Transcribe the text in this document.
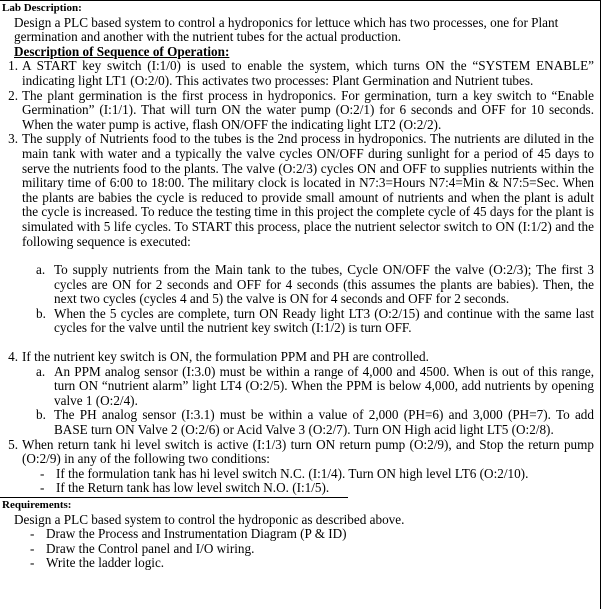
Lab Description:
Design a PLC based system to control a hydroponics for lettuce which has two processes, one for Plant germination and another with the nutrient tubes for the actual production.
Description of Sequence of Operation:
1. A START key switch (I:1/0) is used to enable the system, which turns ON the “SYSTEM ENABLE” indicating light LT1 (O:2/0). This activates two processes: Plant Germination and Nutrient tubes.
2. The plant germination is the first process in hydroponics. For germination, turn a key switch to “Enable Germination” (I:1/1). That will turn ON the water pump (O:2/1) for 6 seconds and OFF for 10 seconds. When the water pump is active, flash ON/OFF the indicating light LT2 (O:2/2).
3. The supply of Nutrients food to the tubes is the 2nd process in hydroponics. The nutrients are diluted in the main tank with water and a typically the valve cycles ON/OFF during sunlight for a period of 45 days to serve the nutrients food to the plants. The valve (O:2/3) cycles ON and OFF to supplies nutrients within the military time of 6:00 to 18:00. The military clock is located in N7:3=Hours N7:4=Min & N7:5=Sec. When the plants are babies the cycle is reduced to provide small amount of nutrients and when the plant is adult the cycle is increased. To reduce the testing time in this project the complete cycle of 45 days for the plant is simulated with 5 life cycles. To START this process, place the nutrient selector switch to ON (I:1/2) and the following sequence is executed:
a. To supply nutrients from the Main tank to the tubes, Cycle ON/OFF the valve (O:2/3); The first 3 cycles are ON for 2 seconds and OFF for 4 seconds (this assumes the plants are babies). Then, the next two cycles (cycles 4 and 5) the valve is ON for 4 seconds and OFF for 2 seconds.
b. When the 5 cycles are complete, turn ON Ready light LT3 (O:2/15) and continue with the same last cycles for the valve until the nutrient key switch (I:1/2) is turn OFF.
4. If the nutrient key switch is ON, the formulation PPM and PH are controlled.
a. An PPM analog sensor (I:3.0) must be within a range of 4,000 and 4500. When is out of this range, turn ON “nutrient alarm” light LT4 (O:2/5). When the PPM is below 4,000, add nutrients by opening valve 1 (O:2/4).
b. The PH analog sensor (I:3.1) must be within a value of 2,000 (PH=6) and 3,000 (PH=7). To add BASE turn ON Valve 2 (O:2/6) or Acid Valve 3 (O:2/7). Turn ON High acid light LT5 (O:2/8).
5. When return tank hi level switch is active (I:1/3) turn ON return pump (O:2/9), and Stop the return pump (O:2/9) in any of the following two conditions:
- If the formulation tank has hi level switch N.C. (I:1/4). Turn ON high level LT6 (O:2/10).
- If the Return tank has low level switch N.O. (I:1/5).
Requirements:
Design a PLC based system to control the hydroponic as described above.
- Draw the Process and Instrumentation Diagram (P & ID)
- Draw the Control panel and I/O wiring.
- Write the ladder logic.
